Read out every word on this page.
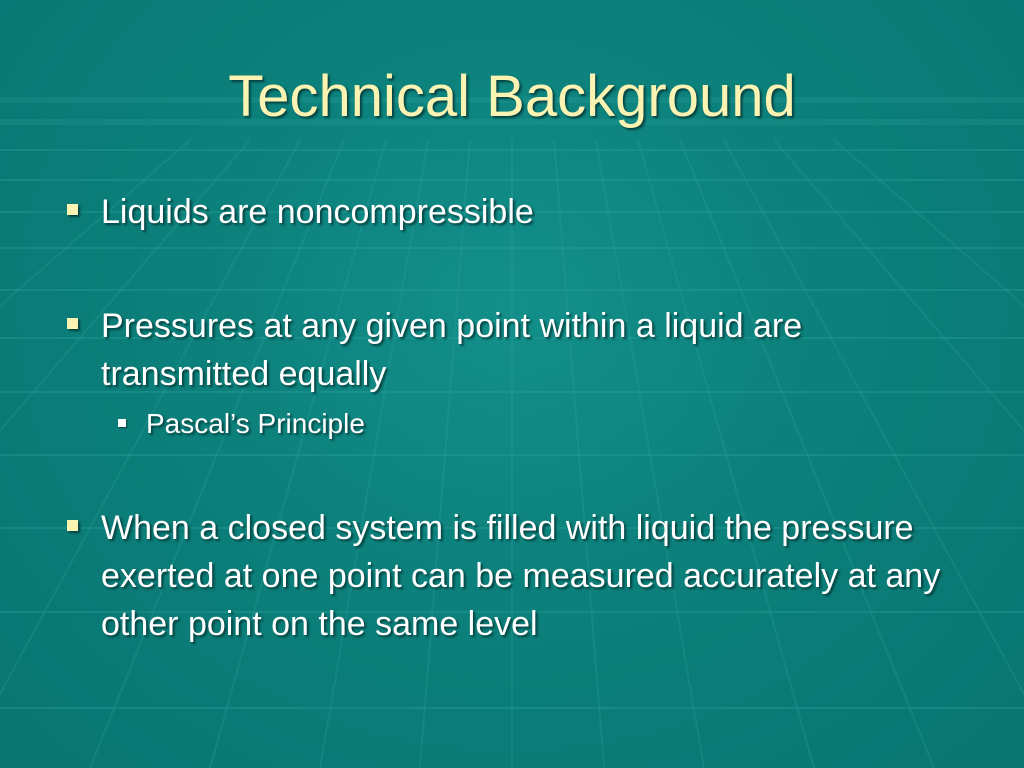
Technical Background
Liquids are noncompressible
Pressures at any given point within a liquid are transmitted equally
Pascal’s Principle
When a closed system is filled with liquid the pressure exerted at one point can be measured accurately at any other point on the same level
